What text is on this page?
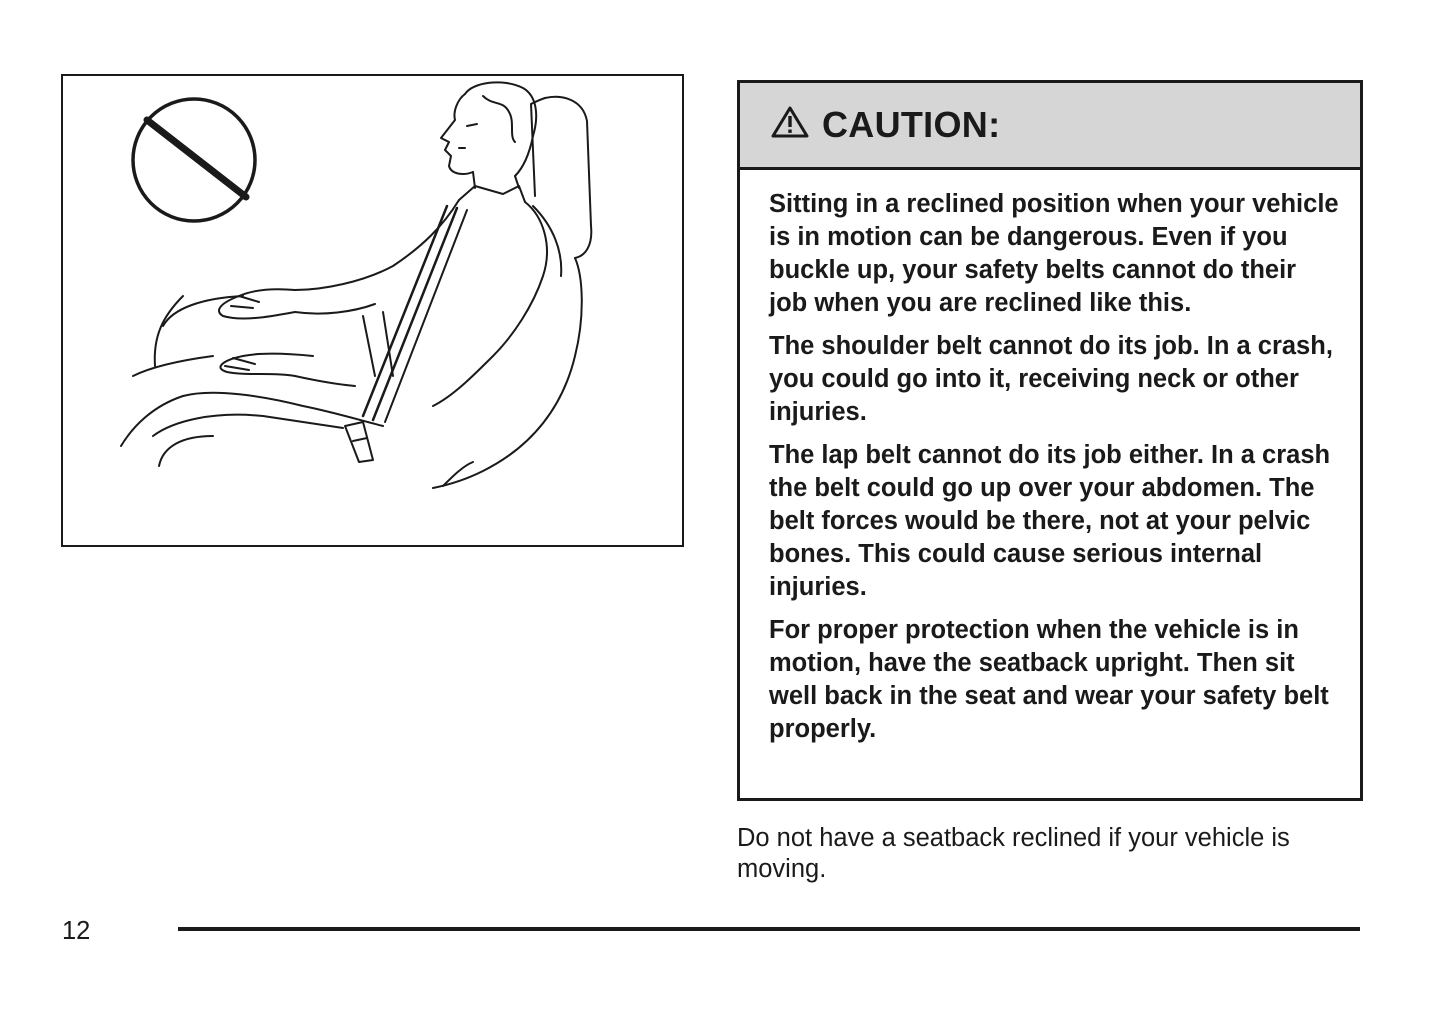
CAUTION:

Sitting in a reclined position when your vehicle is in motion can be dangerous. Even if you buckle up, your safety belts cannot do their job when you are reclined like this.

The shoulder belt cannot do its job. In a crash, you could go into it, receiving neck or other injuries.

The lap belt cannot do its job either. In a crash the belt could go up over your abdomen. The belt forces would be there, not at your pelvic bones. This could cause serious internal injuries.

For proper protection when the vehicle is in motion, have the seatback upright. Then sit well back in the seat and wear your safety belt properly.

Do not have a seatback reclined if your vehicle is moving.
12
